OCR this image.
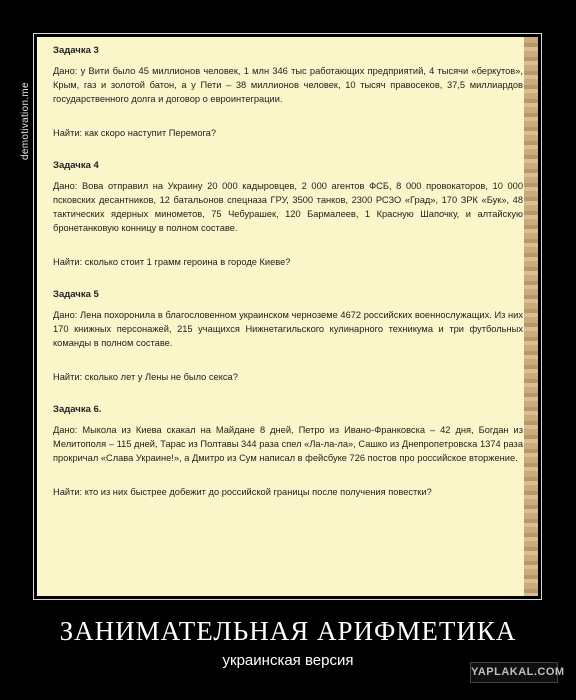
demotivation.me
Задачка 3
Дано: у Вити было 45 миллионов человек, 1 млн 346 тыс работающих предприятий, 4 тысячи «беркутов», Крым, газ и золотой батон, а у Пети – 38 миллионов человек, 10 тысяч правосеков, 37,5 миллиардов государственного долга и договор о евроинтеграции.
Найти: как скоро наступит Перемога?
Задачка 4
Дано: Вова отправил на Украину 20 000 кадыровцев, 2 000 агентов ФСБ, 8 000 провокаторов, 10 000 псковских десантников, 12 батальонов спецназа ГРУ, 3500 танков, 2300 РСЗО «Град», 170 ЗРК «Бук», 48 тактических ядерных минометов, 75 Чебурашек, 120 Бармалеев, 1 Красную Шапочку, и алтайскую бронетанковую конницу в полном составе.
Найти: сколько стоит 1 грамм героина в городе Киеве?
Задачка 5
Дано: Лена похоронила в благословенном украинском черноземе 4672 российских военнослужащих. Из них 170 книжных персонажей, 215 учащихся Нижнетагильского кулинарного техникума и три футбольных команды в полном составе.
Найти: сколько лет у Лены не было секса?
Задачка 6.
Дано: Мыкола из Киева скакал на Майдане 8 дней, Петро из Ивано-Франковска – 42 дня, Богдан из Мелитополя – 115 дней, Тарас из Полтавы 344 раза спел «Ла-ла-ла», Сашко из Днепропетровска 1374 раза прокричал «Слава Украине!», а Дмитро из Сум написал в фейсбуке 726 постов про российское вторжение.
Найти: кто из них быстрее добежит до российской границы после получения повестки?
ЗАНИМАТЕЛЬНАЯ АРИФМЕТИКА
украинская версия
YAPLAKAL.COM
